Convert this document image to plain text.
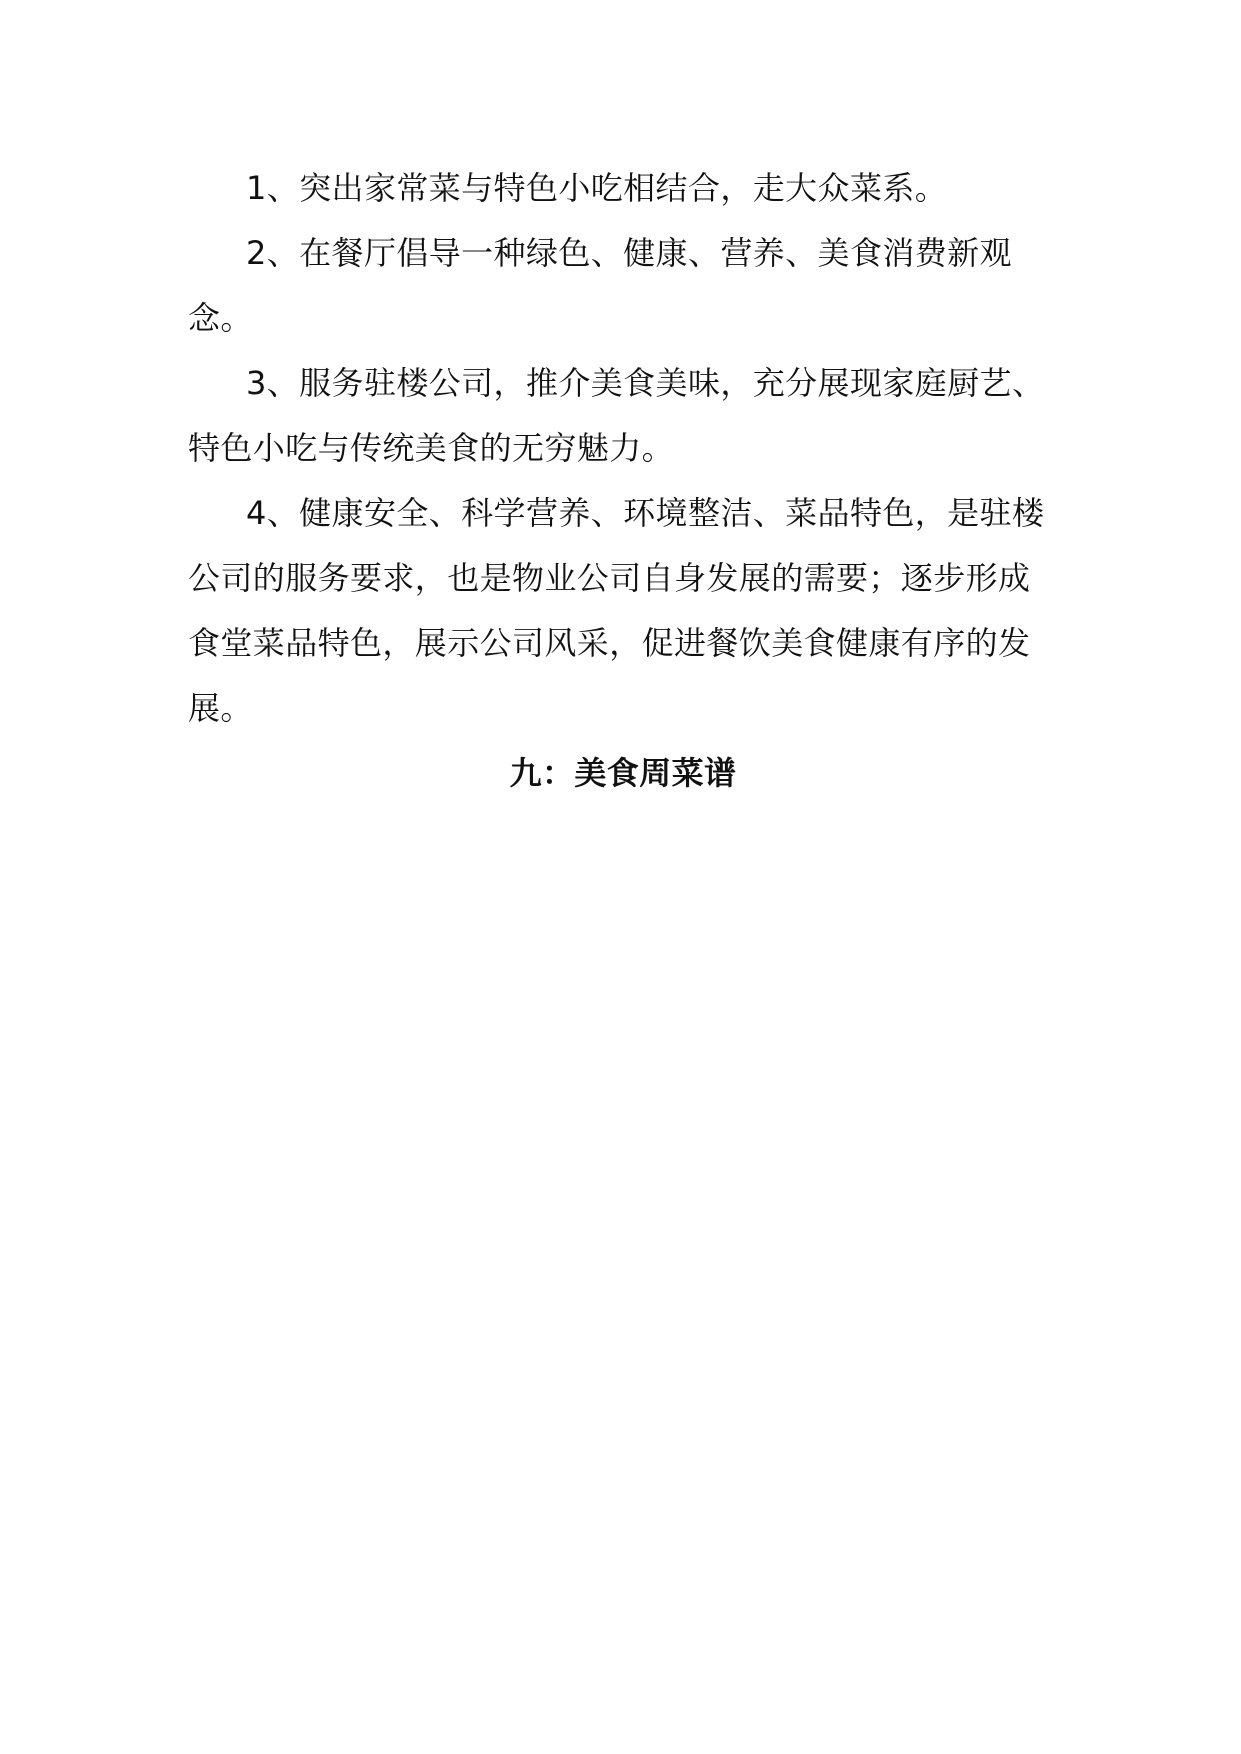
1、突出家常菜与特色小吃相结合，走大众菜系。

2、在餐厅倡导一种绿色、健康、营养、美食消费新观念。

3、服务驻楼公司，推介美食美味，充分展现家庭厨艺、特色小吃与传统美食的无穷魅力。

4、健康安全、科学营养、环境整洁、菜品特色，是驻楼公司的服务要求，也是物业公司自身发展的需要；逐步形成食堂菜品特色，展示公司风采，促进餐饮美食健康有序的发展。

九：美食周菜谱
